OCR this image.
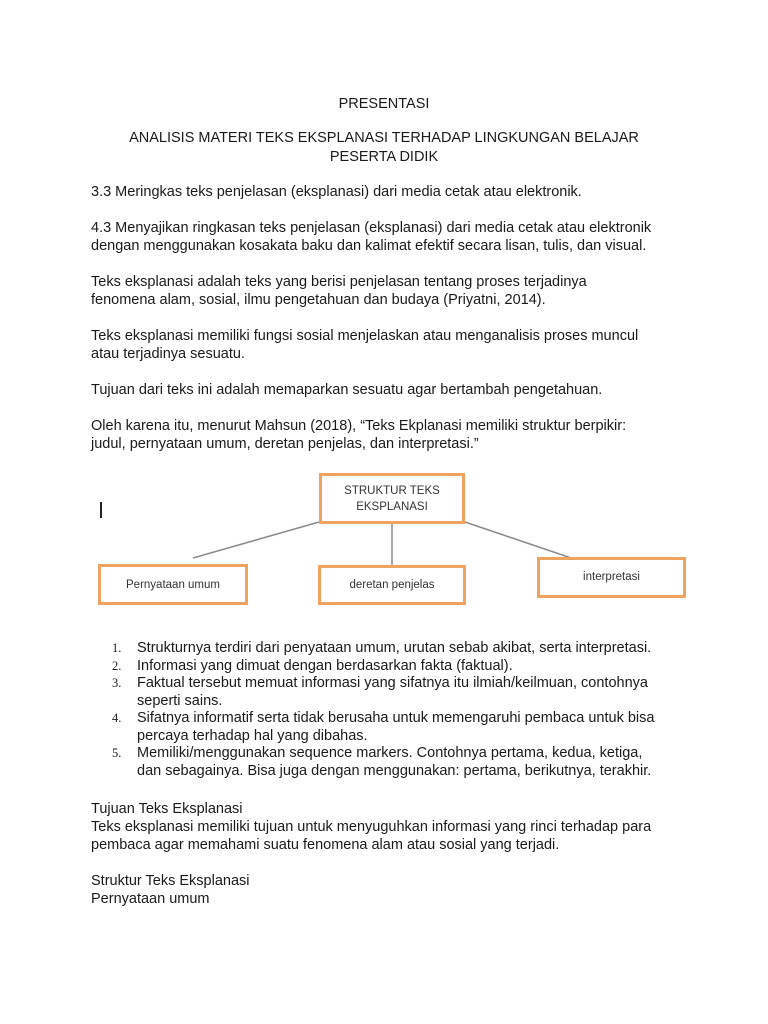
PRESENTASI
ANALISIS MATERI TEKS EKSPLANASI TERHADAP LINGKUNGAN BELAJAR
PESERTA DIDIK
3.3 Meringkas teks penjelasan (eksplanasi) dari media cetak atau elektronik.
4.3 Menyajikan ringkasan teks penjelasan (eksplanasi) dari media cetak atau elektronik
dengan menggunakan kosakata baku dan kalimat efektif secara lisan, tulis, dan visual.
Teks eksplanasi adalah teks yang berisi penjelasan tentang proses terjadinya
fenomena alam, sosial, ilmu pengetahuan dan budaya (Priyatni, 2014).
Teks eksplanasi memiliki fungsi sosial menjelaskan atau menganalisis proses muncul
atau terjadinya sesuatu.
Tujuan dari teks ini adalah memaparkan sesuatu agar bertambah pengetahuan.
Oleh karena itu, menurut Mahsun (2018), “Teks Ekplanasi memiliki struktur berpikir:
judul, pernyataan umum, deretan penjelas, dan interpretasi.”
STRUKTUR TEKS
EKSPLANASI
Pernyataan umum	deretan penjelas
interpretasi
1. Strukturnya terdiri dari penyataan umum, urutan sebab akibat, serta interpretasi.
2. Informasi yang dimuat dengan berdasarkan fakta (faktual).
3. Faktual tersebut memuat informasi yang sifatnya itu ilmiah/keilmuan, contohnya
seperti sains.
4. Sifatnya informatif serta tidak berusaha untuk memengaruhi pembaca untuk bisa
percaya terhadap hal yang dibahas.
5. Memiliki/menggunakan sequence markers. Contohnya pertama, kedua, ketiga,
dan sebagainya. Bisa juga dengan menggunakan: pertama, berikutnya, terakhir.
Tujuan Teks Eksplanasi
Teks eksplanasi memiliki tujuan untuk menyuguhkan informasi yang rinci terhadap para
pembaca agar memahami suatu fenomena alam atau sosial yang terjadi.
Struktur Teks Eksplanasi
Pernyataan umum
